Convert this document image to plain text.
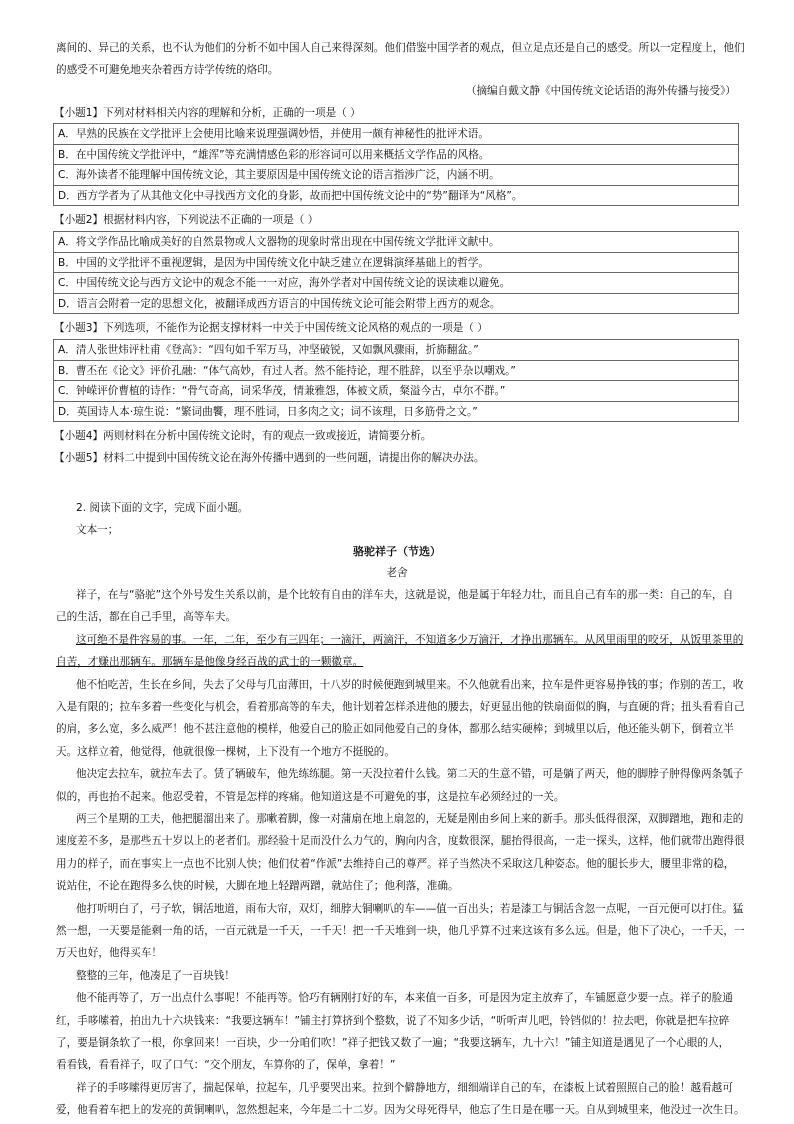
离间的、异己的关系，也不认为他们的分析不如中国人自己来得深刻。他们借鉴中国学者的观点，但立足点还是自己的感受。所以一定程度上，他们
的感受不可避免地夹杂着西方诗学传统的烙印。
（摘编自戴文静《中国传统文论话语的海外传播与接受》）
【小题1】下列对材料相关内容的理解和分析，正确的一项是（ ）
A．早熟的民族在文学批评上会使用比喻来说理强调妙悟，并使用一颇有神秘性的批评术语。
B．在中国传统文学批评中，“雄浑”等充满情感色彩的形容词可以用来概括文学作品的风格。
C．海外读者不能理解中国传统文论，其主要原因是中国传统文论的语言指涉广泛，内涵不明。
D．西方学者为了从其他文化中寻找西方文化的身影，故而把中国传统文论中的“势”翻译为“风格”。
【小题2】根据材料内容，下列说法不正确的一项是（ ）
A．将文学作品比喻成美好的自然景物或人文器物的现象时常出现在中国传统文学批评文献中。
B．中国的文学批评不重视逻辑，是因为中国传统文化中缺乏建立在逻辑演绎基础上的哲学。
C．中国传统文论与西方文论中的观念不能一一对应，海外学者对中国传统文论的误读难以避免。
D．语言会附着一定的思想文化，被翻译成西方语言的中国传统文论可能会附带上西方的观念。
【小题3】下列选项，不能作为论据支撑材料一中关于中国传统文论风格的观点的一项是（ ）
A．清人张世炜评杜甫《登高》：“四句如千军万马，冲坚破锐，又如飘风骤雨，折旆翻盆。”
B．曹丕在《论文》评价孔融：“体气高妙，有过人者。然不能持论，理不胜辞，以至乎杂以嘲戏。”
C．钟嵘评价曹植的诗作：“骨气奇高，词采华茂，情兼雅怨，体被文质，粲溢今古，卓尔不群。”
D．英国诗人本·琼生说：“繁词曲饗，理不胜词，日多肉之文；词不该理，日多筋骨之文。”
【小题4】两则材料在分析中国传统文论时，有的观点一致或接近，请简要分析。
【小题5】材料二中提到中国传统文论在海外传播中遇到的一些问题，请提出你的解决办法。
2. 阅读下面的文字，完成下面小题。
文本一；
骆驼祥子（节选）
老舍
祥子，在与“骆驼”这个外号发生关系以前，是个比较有自由的洋车夫，这就是说，他是属于年轻力壮，而且自己有车的那一类：自己的车，自
己的生活，都在自己手里，高等车夫。
这可绝不是件容易的事。一年，二年，至少有三四年；一滴汗，两滴汗，不知道多少万滴汗，才挣出那辆车。从风里雨里的咬牙，从饭里茶里的
自苦，才赚出那辆车。那辆车是他像身经百战的武士的一颗徽章。
他不怕吃苦，生长在乡间，失去了父母与几亩薄田，十八岁的时候便跑到城里来。不久他就看出来，拉车是件更容易挣钱的事；作别的苦工，收
入是有限的；拉车多着一些变化与机会，看着那高等的车夫，他计划着怎样杀进他的腰去，好更显出他的铁扇面似的胸，与直硬的背；扭头看看自己
的肩，多么宽，多么威严！他不甚注意他的模样，他爱自己的脸正如同他爱自己的身体，都那么结实硬棒；到城里以后，他还能头朝下，倒着立半
天。这样立着，他觉得，他就很像一棵树，上下没有一个地方不挺脱的。
他决定去拉车，就拉车去了。赁了辆破车，他先练练腿。第一天没拉着什么钱。第二天的生意不错，可是躺了两天，他的脚脖子肿得像两条瓠子
似的，再也抬不起来。他忍受着，不管是怎样的疼痛。他知道这是不可避免的事，这是拉车必须经过的一关。
两三个星期的工夫，他把腿溜出来了。那嗽着脚，像一对蒲扇在地上扇忽的，无疑是刚由乡间上来的新手。那头低得很深，双脚蹭地，跑和走的
速度差不多，是那些五十岁以上的老者们。那经验十足而没什么力气的，胸向内含，度数很深，腿抬得很高，一走一探头，这样，他们就带出跑得很
用力的样子，而在事实上一点也不比别人快；他们仗着“作派”去维持自己的尊严。祥子当然决不采取这几种姿态。他的腿长步大，腰里非常的稳，
说站住，不论在跑得多么快的时候，大脚在地上轻蹭两蹭，就站住了；他利落，准确。
他打听明白了，弓子软，铜活地道，雨布大帘，双灯，细脖大铜喇叭的车——值一百出头；若是漆工与铜活含忽一点呢，一百元便可以打住。猛
然一想，一天要是能剩一角的话，一百元就是一千天，一千天！把一千天堆到一块，他几乎算不过来这该有多么远。但是，他下了决心，一千天，一
万天也好，他得买车！
整整的三年，他凑足了一百块钱！
他不能再等了，万一出点什么事呢！不能再等。恰巧有辆刚打好的车，本来值一百多，可是因为定主放弃了，车铺愿意少要一点。祥子的脸通
红，手哆嗦着，拍出九十六块钱来：“我要这辆车！”铺主打算挤到个整数，说了不知多少话，“听听声儿吧，铃铛似的！拉去吧，你就是把车拉碎
了，要是铜条软了一根，你拿回来！一百块，少一分咱们吹！”祥子把钱又数了一遍；“我要这辆车，九十六！”铺主知道是遇见了一个心眼的人，
看看钱，看看祥子，叹了口气：“交个朋友，车算你的了，保单，拿着！”
祥子的手哆嗦得更厉害了，揣起保单，拉起车，几乎要哭出来。拉到个僻静地方，细细端详自己的车，在漆板上试着照照自己的脸！越看越可
爱，他看着车把上的发亮的黄铜喇叭，忽然想起来，今年是二十二岁。因为父母死得早，他忘了生日是在哪一天。自从到城里来，他没过一次生日。
